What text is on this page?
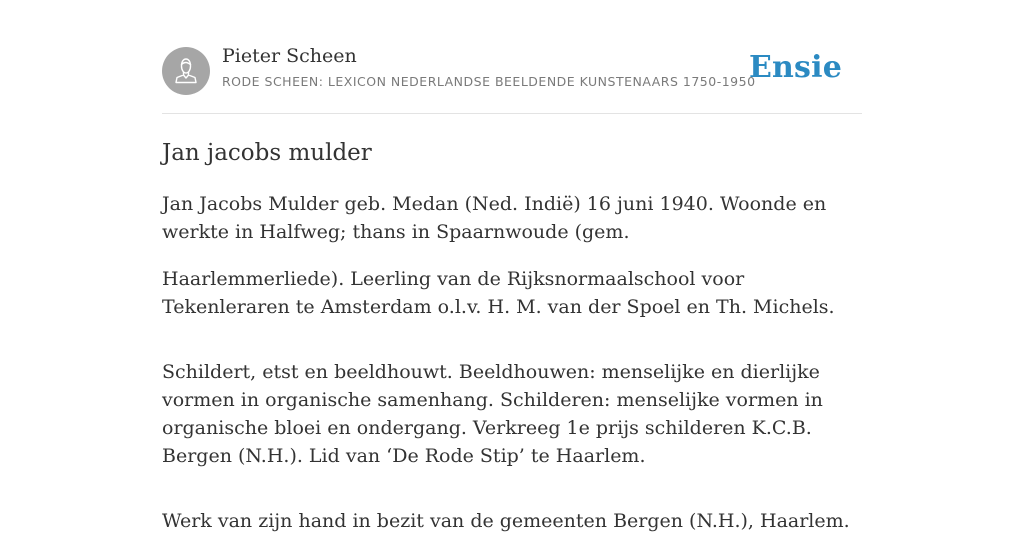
Pieter Scheen
RODE SCHEEN: LEXICON NEDERLANDSE BEELDENDE KUNSTENAARS 1750-1950
Ensie
Jan jacobs mulder

Jan Jacobs Mulder geb. Medan (Ned. Indië) 16 juni 1940. Woonde en werkte in Halfweg; thans in Spaarnwoude (gem.

Haarlemmerliede). Leerling van de Rijksnormaalschool voor Tekenleraren te Amsterdam o.l.v. H. M. van der Spoel en Th. Michels.

Schildert, etst en beeldhouwt. Beeldhouwen: menselijke en dierlijke vormen in organische samenhang. Schilderen: menselijke vormen in organische bloei en ondergang. Verkreeg 1e prijs schilderen K.C.B. Bergen (N.H.). Lid van ‘De Rode Stip’ te Haarlem.

Werk van zijn hand in bezit van de gemeenten Bergen (N.H.), Haarlem.
